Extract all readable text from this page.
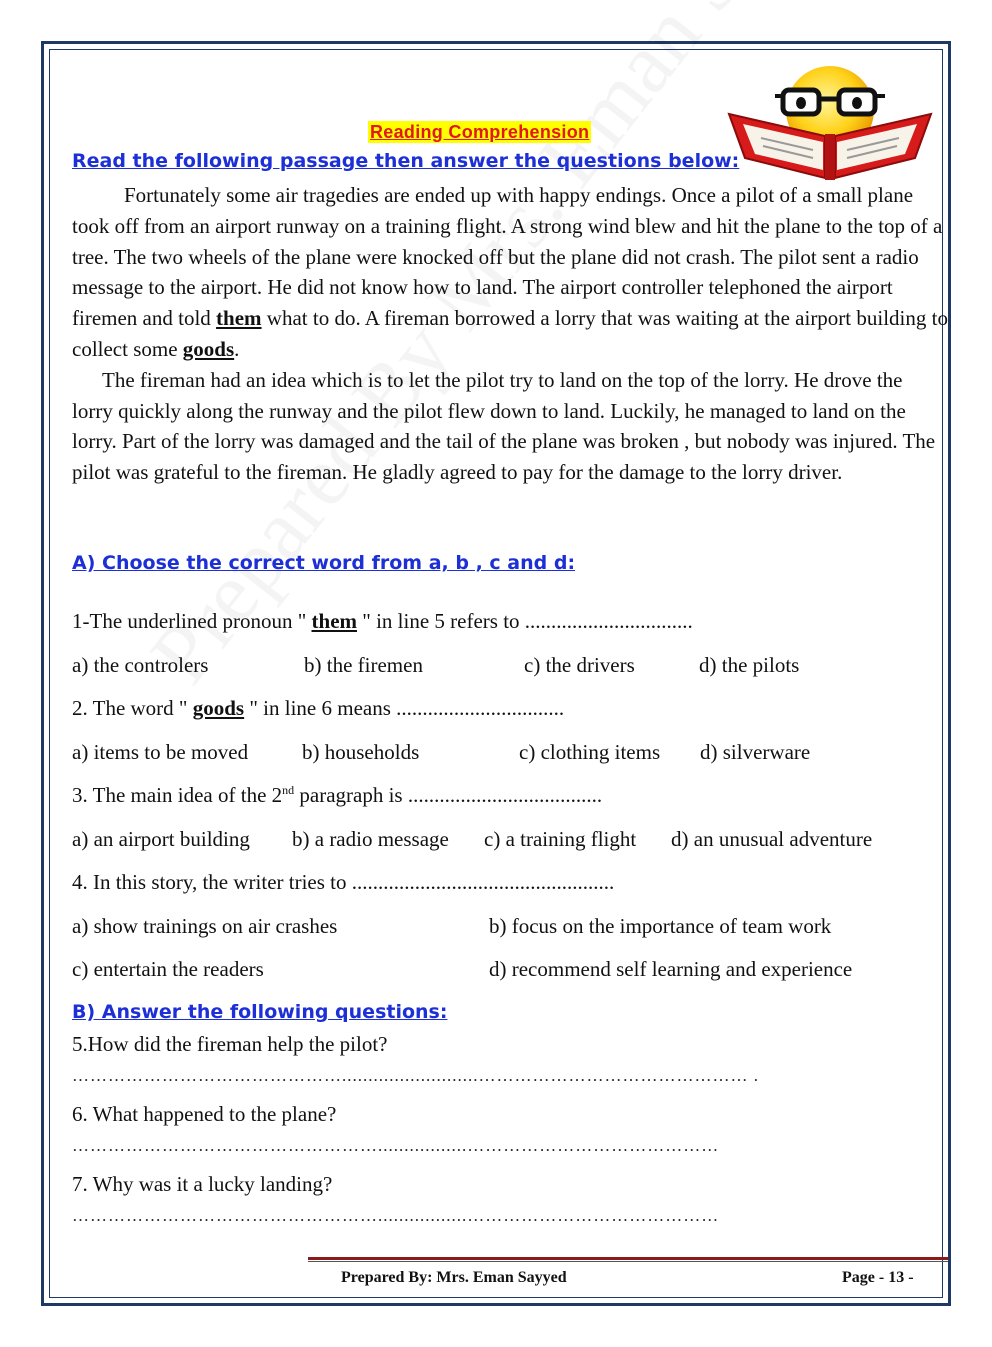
Reading Comprehension
Read the following passage then answer the questions below:

Fortunately some air tragedies are ended up with happy endings. Once a pilot of a small plane took off from an airport runway on a training flight. A strong wind blew and hit the plane to the top of a tree. The two wheels of the plane were knocked off but the plane did not crash. The pilot sent a radio message to the airport. He did not know how to land. The airport controller telephoned the airport firemen and told them what to do. A fireman borrowed a lorry that was waiting at the airport building to collect some goods.

The fireman had an idea which is to let the pilot try to land on the top of the lorry. He drove the lorry quickly along the runway and the pilot flew down to land. Luckily, he managed to land on the lorry. Part of the lorry was damaged and the tail of the plane was broken , but nobody was injured. The pilot was grateful to the fireman. He gladly agreed to pay for the damage to the lorry driver.

A) Choose the correct word from a, b , c and d:
1-The underlined pronoun " them " in line 5 refers to ................................
a) the controlers	b) the firemen	c) the drivers	d) the pilots
2. The word " goods " in line 6 means ................................
a) items to be moved	b) households	c) clothing items d) silverware
3. The main idea of the 2nd paragraph is .....................................
a) an airport building b) a radio message c) a training flight d) an unusual adventure
4. In this story, the writer tries to ..................................................
a) show trainings on air crashes	b) focus on the importance of team work
c) entertain the readers	d) recommend self learning and experience
B) Answer the following questions:
5.How did the fireman help the pilot?
………………………………………..........................……………………………………… .
6. What happened to the plane?
…………………………………………….................……………………………………
7. Why was it a lucky landing?
…………………………………………….................……………………………………
Prepared By: Mrs. Eman Sayyed	Page - 13 -
